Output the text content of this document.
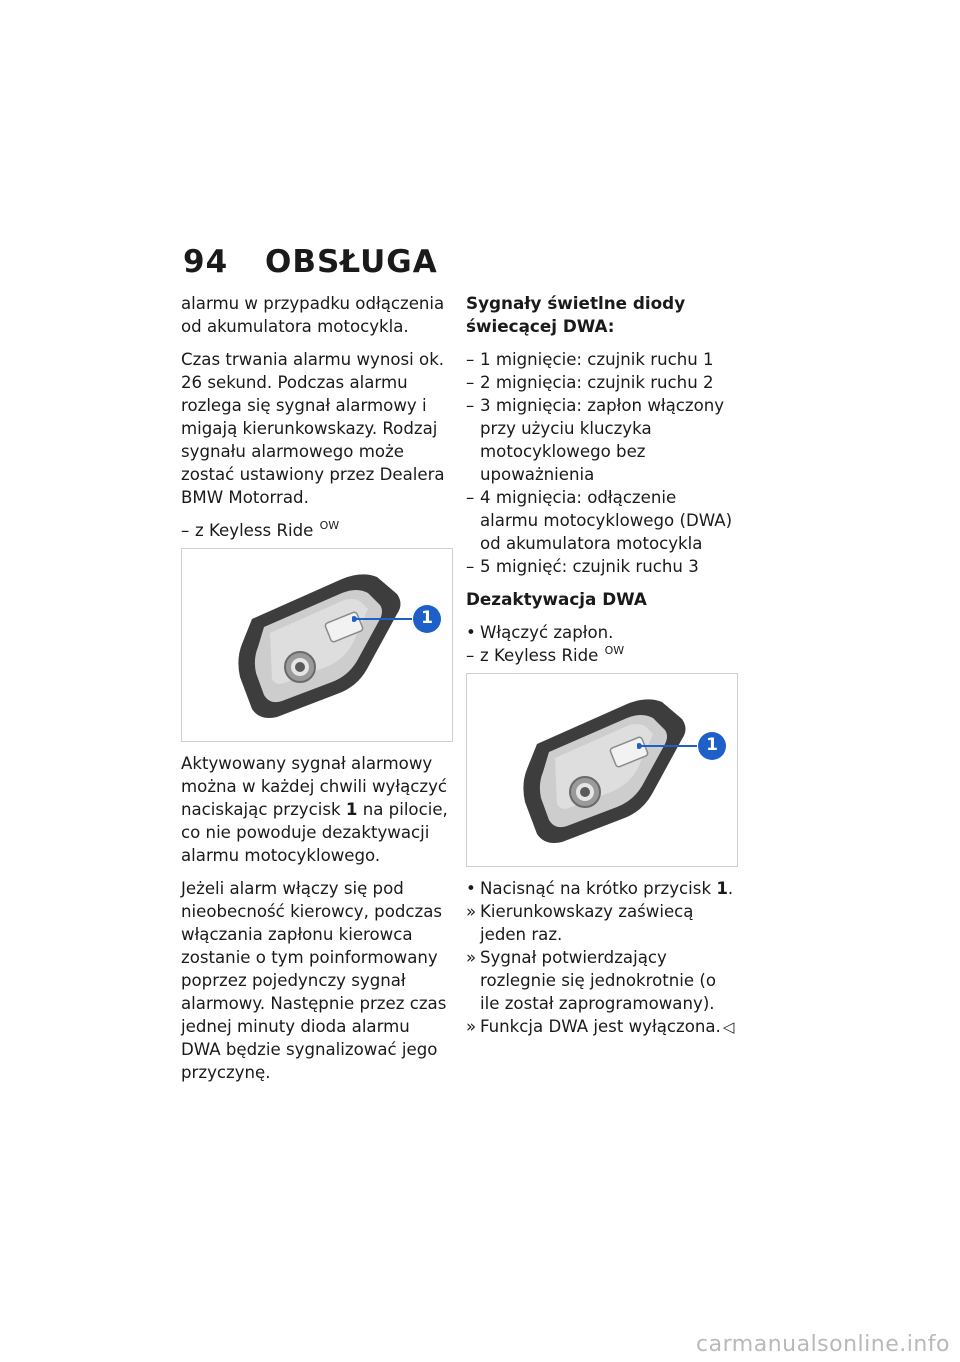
94	OBSŁUGA

alarmu w przypadku odłączenia od akumulatora motocykla.

Czas trwania alarmu wynosi ok. 26 sekund. Podczas alarmu rozlega się sygnał alarmowy i migają kierunkowskazy. Rodzaj sygnału alarmowego może zostać ustawiony przez Dealera BMW Motorrad.

– z Keyless Ride $^{OW}$

1

Aktywowany sygnał alarmowy można w każdej chwili wyłączyć naciskając przycisk 1 na pilocie, co nie powoduje dezaktywacji alarmu motocyklowego.

Jeżeli alarm włączy się pod nieobecność kierowcy, podczas włączania zapłonu kierowca zostanie o tym poinformowany poprzez pojedynczy sygnał alarmowy. Następnie przez czas jednej minuty dioda alarmu DWA będzie sygnalizować jego przyczynę.

Sygnały świetlne diody świecącej DWA:

– 1 mignięcie: czujnik ruchu 1
– 2 mignięcia: czujnik ruchu 2
– 3 mignięcia: zapłon włączony przy użyciu kluczyka motocyklowego bez upoważnienia
– 4 mignięcia: odłączenie alarmu motocyklowego (DWA) od akumulatora motocykla
– 5 mignięć: czujnik ruchu 3

Dezaktywacja DWA

• Włączyć zapłon.
– z Keyless Ride $^{OW}$
1
• Nacisnąć na krótko przycisk 1.
» Kierunkowskazy zaświecą jeden raz.
» Sygnał potwierdzający rozlegnie się jednokrotnie (o ile został zaprogramowany).
» Funkcja DWA jest wyłączona. ◁
carmanualsonline.info
